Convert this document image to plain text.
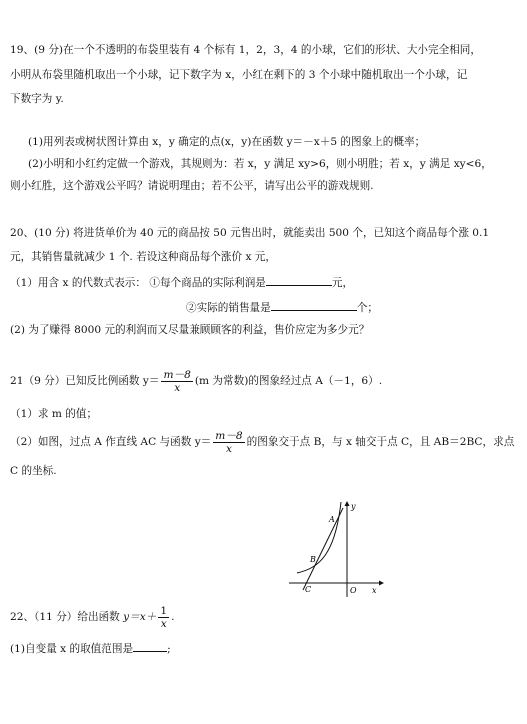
19、(9 分)在一个不透明的布袋里装有 4 个标有 1，2，3，4 的小球，它们的形状、大小完全相同，
小明从布袋里随机取出一个小球，记下数字为 x，小红在剩下的 3 个小球中随机取出一个小球，记
下数字为 y.
(1)用列表或树状图计算由 x，y 确定的点(x，y)在函数 y＝－x＋5 的图象上的概率；
(2)小明和小红约定做一个游戏，其规则为：若 x，y 满足 xy>6，则小明胜；若 x，y 满足 xy<6，
则小红胜，这个游戏公平吗？请说明理由；若不公平，请写出公平的游戏规则.
20、(10 分) 将进货单价为 40 元的商品按 50 元售出时，就能卖出 500 个，已知这个商品每个涨 0.1
元，其销售量就减少 1 个. 若设这种商品每个涨价 x 元，
（1）用含 x 的代数式表示： ①每个商品的实际利润是	元，
②实际的销售量是	个；
(2) 为了赚得 8000 元的利润而又尽量兼顾顾客的利益，售价应定为多少元？
21（9 分）已知反比例函数 $y= \frac{m-8}{x} (m$ 为常数)的图象经过点 A（－1，6）.
（1）求 m 的值；
（2）如图，过点 A 作直线 AC 与函数 $y= \frac{m-8}{x}$ 的图象交于点 B，与 x 轴交于点 C，且 AB＝2BC，求点
C 的坐标.
A
B
C	O x
y
22、（11 分）给出函数 $y=x+ \frac{1}{x}$ .
(1)自变量 x 的取值范围是	;
